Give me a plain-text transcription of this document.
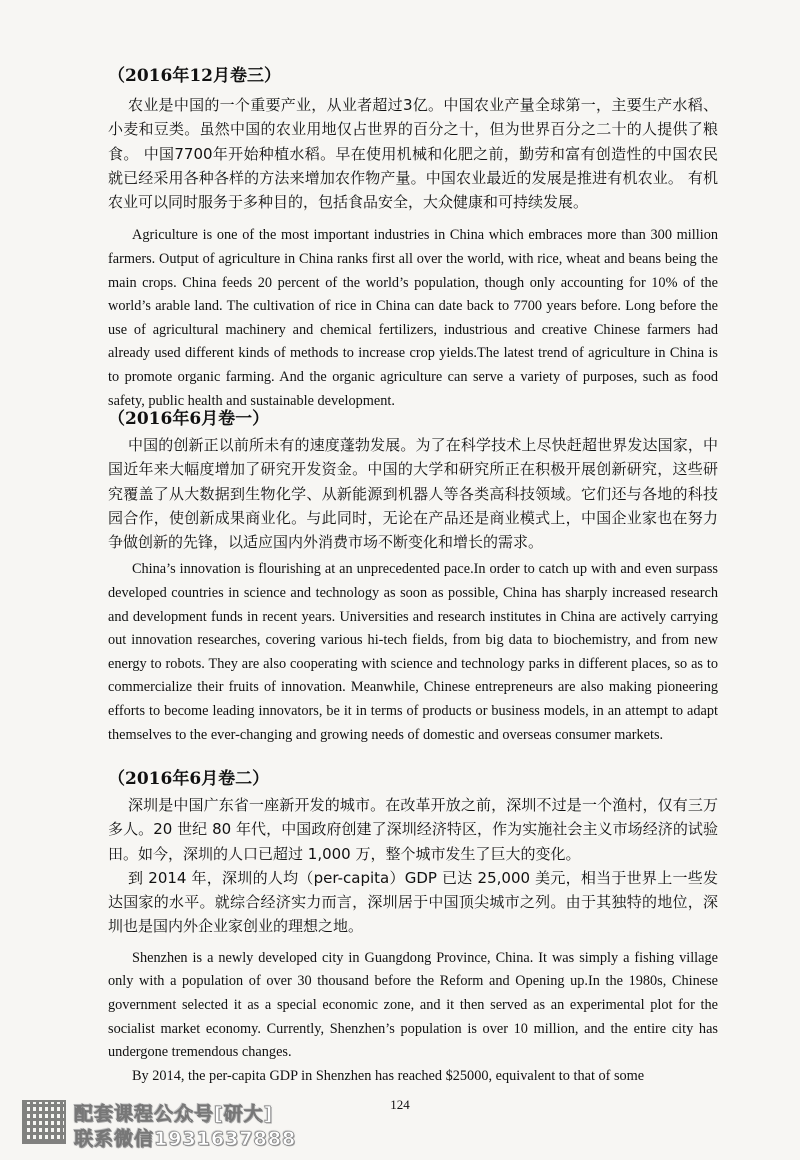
（2016年12月卷三）

农业是中国的一个重要产业，从业者超过3亿。中国农业产量全球第一，主要生产水稻、小麦和豆类。虽然中国的农业用地仅占世界的百分之十，但为世界百分之二十的人提供了粮食。 中国7700年开始种植水稻。早在使用机械和化肥之前，勤劳和富有创造性的中国农民就已经采用各种各样的方法来增加农作物产量。中国农业最近的发展是推进有机农业。 有机农业可以同时服务于多种目的，包括食品安全，大众健康和可持续发展。

Agriculture is one of the most important industries in China which embraces more than 300 million farmers. Output of agriculture in China ranks first all over the world, with rice, wheat and beans being the main crops. China feeds 20 percent of the world’s population, though only accounting for 10% of the world’s arable land. The cultivation of rice in China can date back to 7700 years before. Long before the use of agricultural machinery and chemical fertilizers, industrious and creative Chinese farmers had already used different kinds of methods to increase crop yields.The latest trend of agriculture in China is to promote organic farming. And the organic agriculture can serve a variety of purposes, such as food safety, public health and sustainable development.

（2016年6月卷一）

中国的创新正以前所未有的速度蓬勃发展。为了在科学技术上尽快赶超世界发达国家，中国近年来大幅度增加了研究开发资金。中国的大学和研究所正在积极开展创新研究，这些研究覆盖了从大数据到生物化学、从新能源到机器人等各类高科技领域。它们还与各地的科技园合作，使创新成果商业化。与此同时，无论在产品还是商业模式上，中国企业家也在努力争做创新的先锋，以适应国内外消费市场不断变化和增长的需求。

China’s innovation is flourishing at an unprecedented pace.In order to catch up with and even surpass developed countries in science and technology as soon as possible, China has sharply increased research and development funds in recent years. Universities and research institutes in China are actively carrying out innovation researches, covering various hi-tech fields, from big data to biochemistry, and from new energy to robots. They are also cooperating with science and technology parks in different places, so as to commercialize their fruits of innovation. Meanwhile, Chinese entrepreneurs are also making pioneering efforts to become leading innovators, be it in terms of products or business models, in an attempt to adapt themselves to the ever-changing and growing needs of domestic and overseas consumer markets.

（2016年6月卷二）

深圳是中国广东省一座新开发的城市。在改革开放之前，深圳不过是一个渔村，仅有三万多人。20 世纪 80 年代，中国政府创建了深圳经济特区，作为实施社会主义市场经济的试验田。如今，深圳的人口已超过 1,000 万，整个城市发生了巨大的变化。

到 2014 年，深圳的人均（per-capita）GDP 已达 25,000 美元，相当于世界上一些发达国家的水平。就综合经济实力而言，深圳居于中国顶尖城市之列。由于其独特的地位，深圳也是国内外企业家创业的理想之地。

Shenzhen is a newly developed city in Guangdong Province, China. It was simply a fishing village only with a population of over 30 thousand before the Reform and Opening up.In the 1980s, Chinese government selected it as a special economic zone, and it then served as an experimental plot for the socialist market economy. Currently, Shenzhen’s population is over 10 million, and the entire city has undergone tremendous changes.

By 2014, the per-capita GDP in Shenzhen has reached $25000, equivalent to that of some

124
配套课程公众号[研大]
联系微信1931637888
